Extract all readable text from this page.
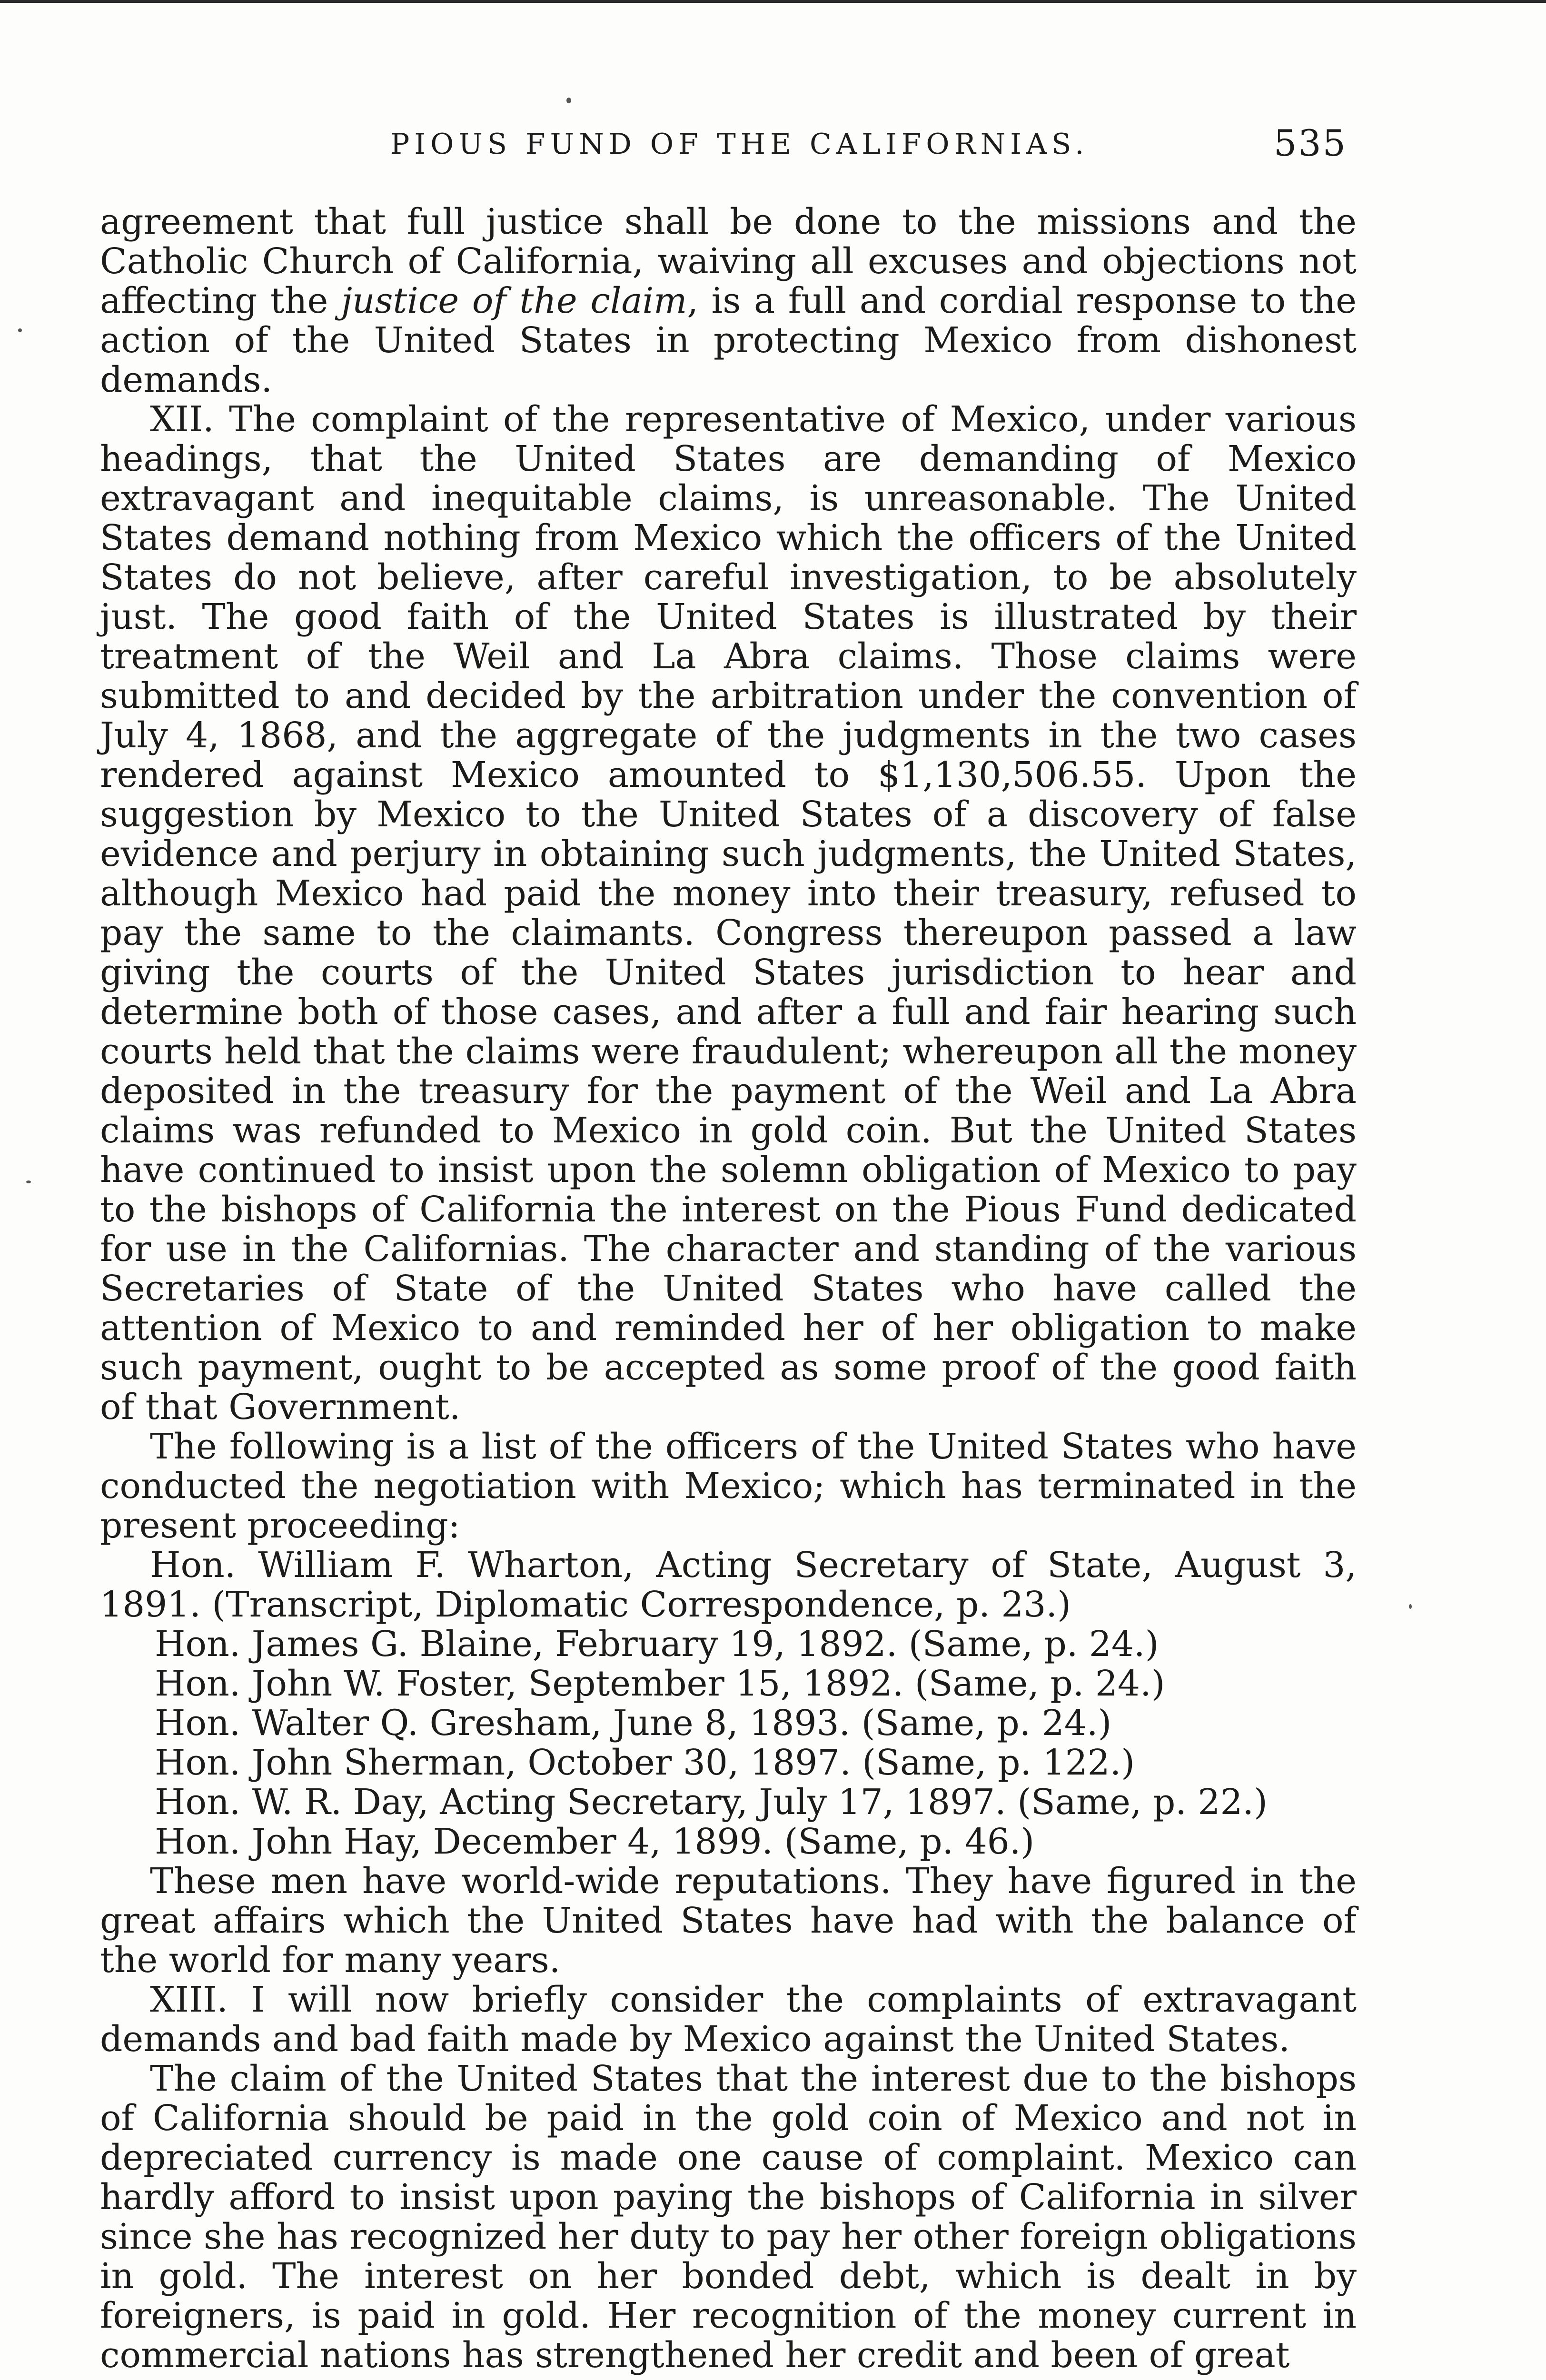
PIOUS FUND OF THE CALIFORNIAS.	535

agreement that full justice shall be done to the missions and the Catholic Church of California, waiving all excuses and objections not affecting the justice of the claim, is a full and cordial response to the action of the United States in protecting Mexico from dishonest demands.

XII. The complaint of the representative of Mexico, under various headings, that the United States are demanding of Mexico extravagant and inequitable claims, is unreasonable. The United States demand nothing from Mexico which the officers of the United States do not believe, after careful investigation, to be absolutely just. The good faith of the United States is illustrated by their treatment of the Weil and La Abra claims. Those claims were submitted to and decided by the arbitration under the convention of July 4, 1868, and the aggregate of the judgments in the two cases rendered against Mexico amounted to $1,130,506.55. Upon the suggestion by Mexico to the United States of a discovery of false evidence and perjury in obtaining such judgments, the United States, although Mexico had paid the money into their treasury, refused to pay the same to the claimants. Congress thereupon passed a law giving the courts of the United States jurisdiction to hear and determine both of those cases, and after a full and fair hearing such courts held that the claims were fraudulent; whereupon all the money deposited in the treasury for the payment of the Weil and La Abra claims was refunded to Mexico in gold coin. But the United States have continued to insist upon the solemn obligation of Mexico to pay to the bishops of California the interest on the Pious Fund dedicated for use in the Californias. The character and standing of the various Secretaries of State of the United States who have called the attention of Mexico to and reminded her of her obligation to make such payment, ought to be accepted as some proof of the good faith of that Government.

The following is a list of the officers of the United States who have conducted the negotiation with Mexico; which has terminated in the present proceeding:

Hon. William F. Wharton, Acting Secretary of State, August 3, 1891. (Transcript, Diplomatic Correspondence, p. 23.)

Hon. James G. Blaine, February 19, 1892. (Same, p. 24.)

Hon. John W. Foster, September 15, 1892. (Same, p. 24.)

Hon. Walter Q. Gresham, June 8, 1893. (Same, p. 24.)

Hon. John Sherman, October 30, 1897. (Same, p. 122.)

Hon. W. R. Day, Acting Secretary, July 17, 1897. (Same, p. 22.)

Hon. John Hay, December 4, 1899. (Same, p. 46.)

These men have world-wide reputations. They have figured in the great affairs which the United States have had with the balance of the world for many years.

XIII. I will now briefly consider the complaints of extravagant demands and bad faith made by Mexico against the United States.

The claim of the United States that the interest due to the bishops of California should be paid in the gold coin of Mexico and not in depreciated currency is made one cause of complaint. Mexico can hardly afford to insist upon paying the bishops of California in silver since she has recognized her duty to pay her other foreign obligations in gold. The interest on her bonded debt, which is dealt in by foreigners, is paid in gold. Her recognition of the money current in commercial nations has strengthened her credit and been of great
